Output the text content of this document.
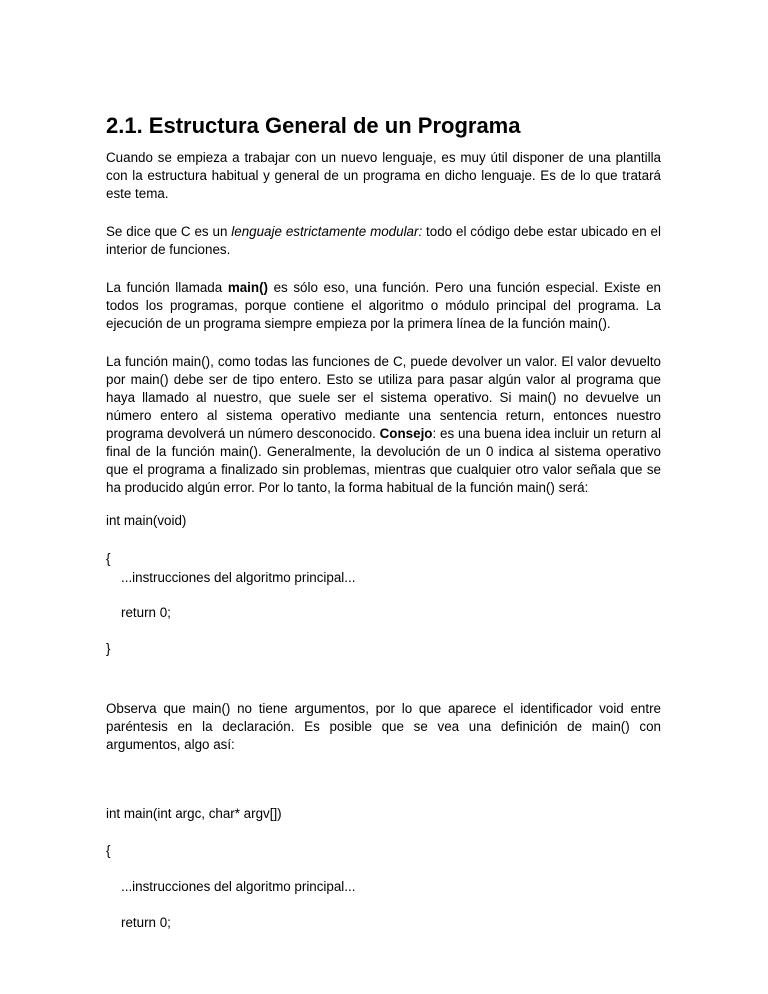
2.1. Estructura General de un Programa

Cuando se empieza a trabajar con un nuevo lenguaje, es muy útil disponer de una plantilla con la estructura habitual y general de un programa en dicho lenguaje. Es de lo que tratará este tema.

Se dice que C es un lenguaje estrictamente modular: todo el código debe estar ubicado en el interior de funciones.

La función llamada main() es sólo eso, una función. Pero una función especial. Existe en todos los programas, porque contiene el algoritmo o módulo principal del programa. La ejecución de un programa siempre empieza por la primera línea de la función main().

La función main(), como todas las funciones de C, puede devolver un valor. El valor devuelto por main() debe ser de tipo entero. Esto se utiliza para pasar algún valor al programa que haya llamado al nuestro, que suele ser el sistema operativo. Si main() no devuelve un número entero al sistema operativo mediante una sentencia return, entonces nuestro programa devolverá un número desconocido. Consejo: es una buena idea incluir un return al final de la función main(). Generalmente, la devolución de un 0 indica al sistema operativo que el programa a finalizado sin problemas, mientras que cualquier otro valor señala que se ha producido algún error. Por lo tanto, la forma habitual de la función main() será:

int main(void)

{

...instrucciones del algoritmo principal...

return 0;

}

Observa que main() no tiene argumentos, por lo que aparece el identificador void entre paréntesis en la declaración. Es posible que se vea una definición de main() con argumentos, algo así:

int main(int argc, char* argv[])

{

...instrucciones del algoritmo principal...

return 0;
